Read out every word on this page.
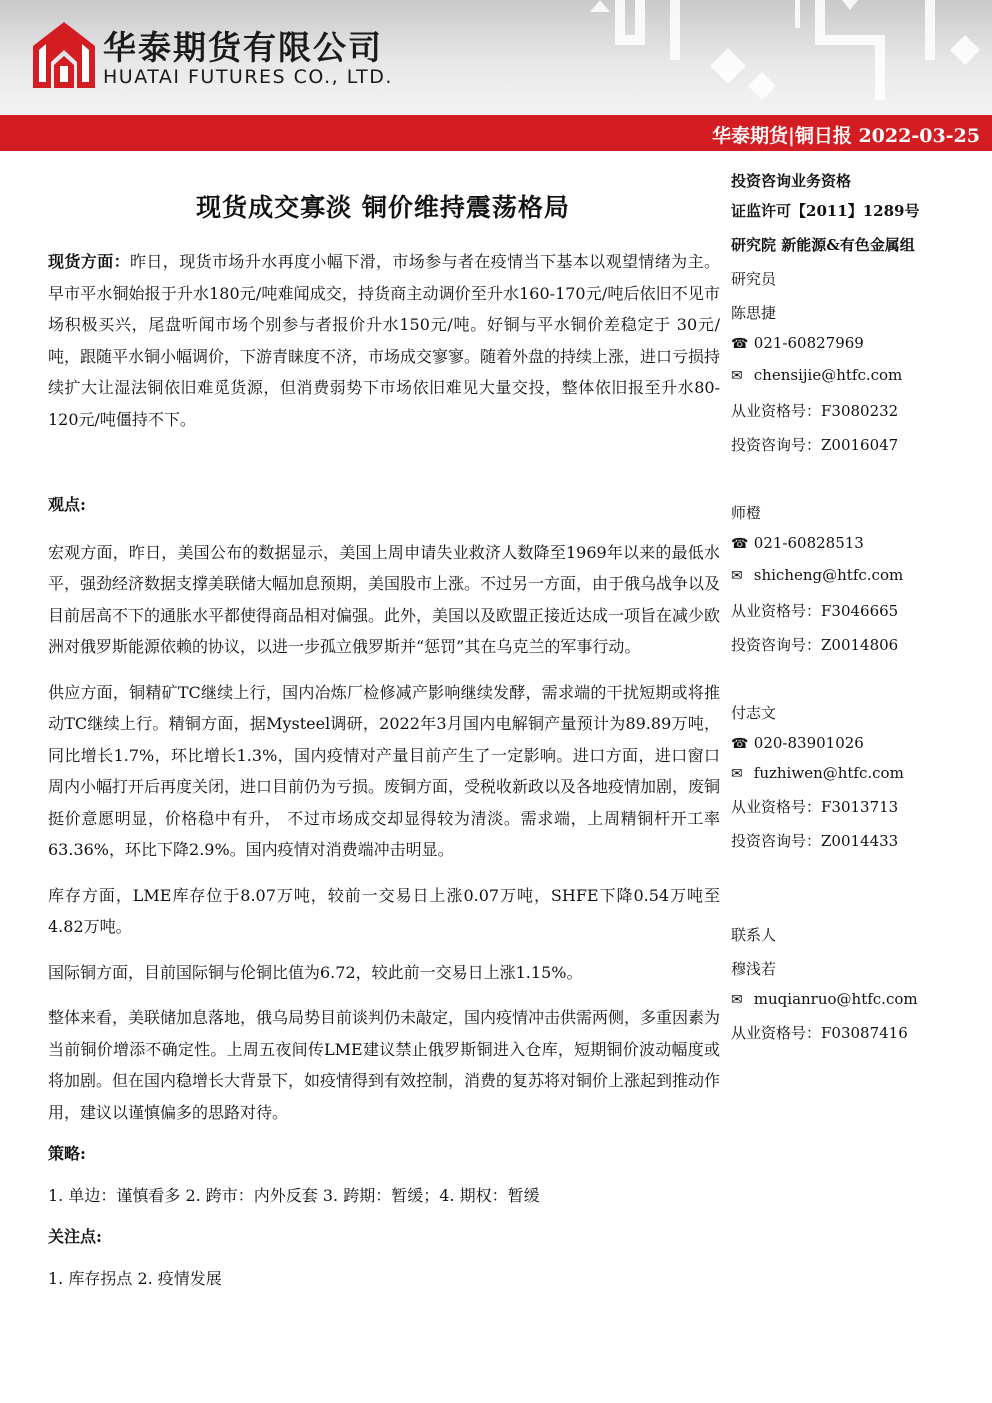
华泰期货有限公司
HUATAI FUTURES CO., LTD.
华泰期货|铜日报 2022-03-25
现货成交寡淡 铜价维持震荡格局

现货方面：昨日，现货市场升水再度小幅下滑，市场参与者在疫情当下基本以观望情绪为主。早市平水铜始报于升水180元/吨难闻成交，持货商主动调价至升水160-170元/吨后依旧不见市场积极买兴，尾盘听闻市场个别参与者报价升水150元/吨。好铜与平水铜价差稳定于 30元/吨，跟随平水铜小幅调价，下游青睐度不济，市场成交寥寥。随着外盘的持续上涨，进口亏损持续扩大让湿法铜依旧难觅货源，但消费弱势下市场依旧难见大量交投，整体依旧报至升水80-120元/吨僵持不下。

观点:

宏观方面，昨日，美国公布的数据显示，美国上周申请失业救济人数降至1969年以来的最低水平，强劲经济数据支撑美联储大幅加息预期，美国股市上涨。不过另一方面，由于俄乌战争以及目前居高不下的通胀水平都使得商品相对偏强。此外，美国以及欧盟正接近达成一项旨在减少欧洲对俄罗斯能源依赖的协议，以进一步孤立俄罗斯并“惩罚”其在乌克兰的军事行动。

供应方面，铜精矿TC继续上行，国内冶炼厂检修减产影响继续发酵，需求端的干扰短期或将推动TC继续上行。精铜方面，据Mysteel调研，2022年3月国内电解铜产量预计为89.89万吨，同比增长1.7%，环比增长1.3%，国内疫情对产量目前产生了一定影响。进口方面，进口窗口周内小幅打开后再度关闭，进口目前仍为亏损。废铜方面，受税收新政以及各地疫情加剧，废铜挺价意愿明显，价格稳中有升， 不过市场成交却显得较为清淡。需求端，上周精铜杆开工率63.36%，环比下降2.9%。国内疫情对消费端冲击明显。

库存方面，LME库存位于8.07万吨，较前一交易日上涨0.07万吨，SHFE下降0.54万吨至4.82万吨。

国际铜方面，目前国际铜与伦铜比值为6.72，较此前一交易日上涨1.15%。

整体来看，美联储加息落地，俄乌局势目前谈判仍未敲定，国内疫情冲击供需两侧，多重因素为当前铜价增添不确定性。上周五夜间传LME建议禁止俄罗斯铜进入仓库，短期铜价波动幅度或将加剧。但在国内稳增长大背景下，如疫情得到有效控制，消费的复苏将对铜价上涨起到推动作用，建议以谨慎偏多的思路对待。

策略:

1. 单边：谨慎看多 2. 跨市：内外反套 3. 跨期：暂缓；4. 期权：暂缓

关注点:

1. 库存拐点 2. 疫情发展

投资咨询业务资格
证监许可【2011】1289号
研究院 新能源&有色金属组
研究员
陈思捷
☎ 021-60827969
✉ chensijie@htfc.com
从业资格号：F3080232
投资咨询号：Z0016047
师橙
☎ 021-60828513
✉ shicheng@htfc.com
从业资格号：F3046665
投资咨询号：Z0014806
付志文
☎ 020-83901026
✉ fuzhiwen@htfc.com
从业资格号：F3013713
投资咨询号：Z0014433
联系人
穆浅若
✉ muqianruo@htfc.com
从业资格号：F03087416
